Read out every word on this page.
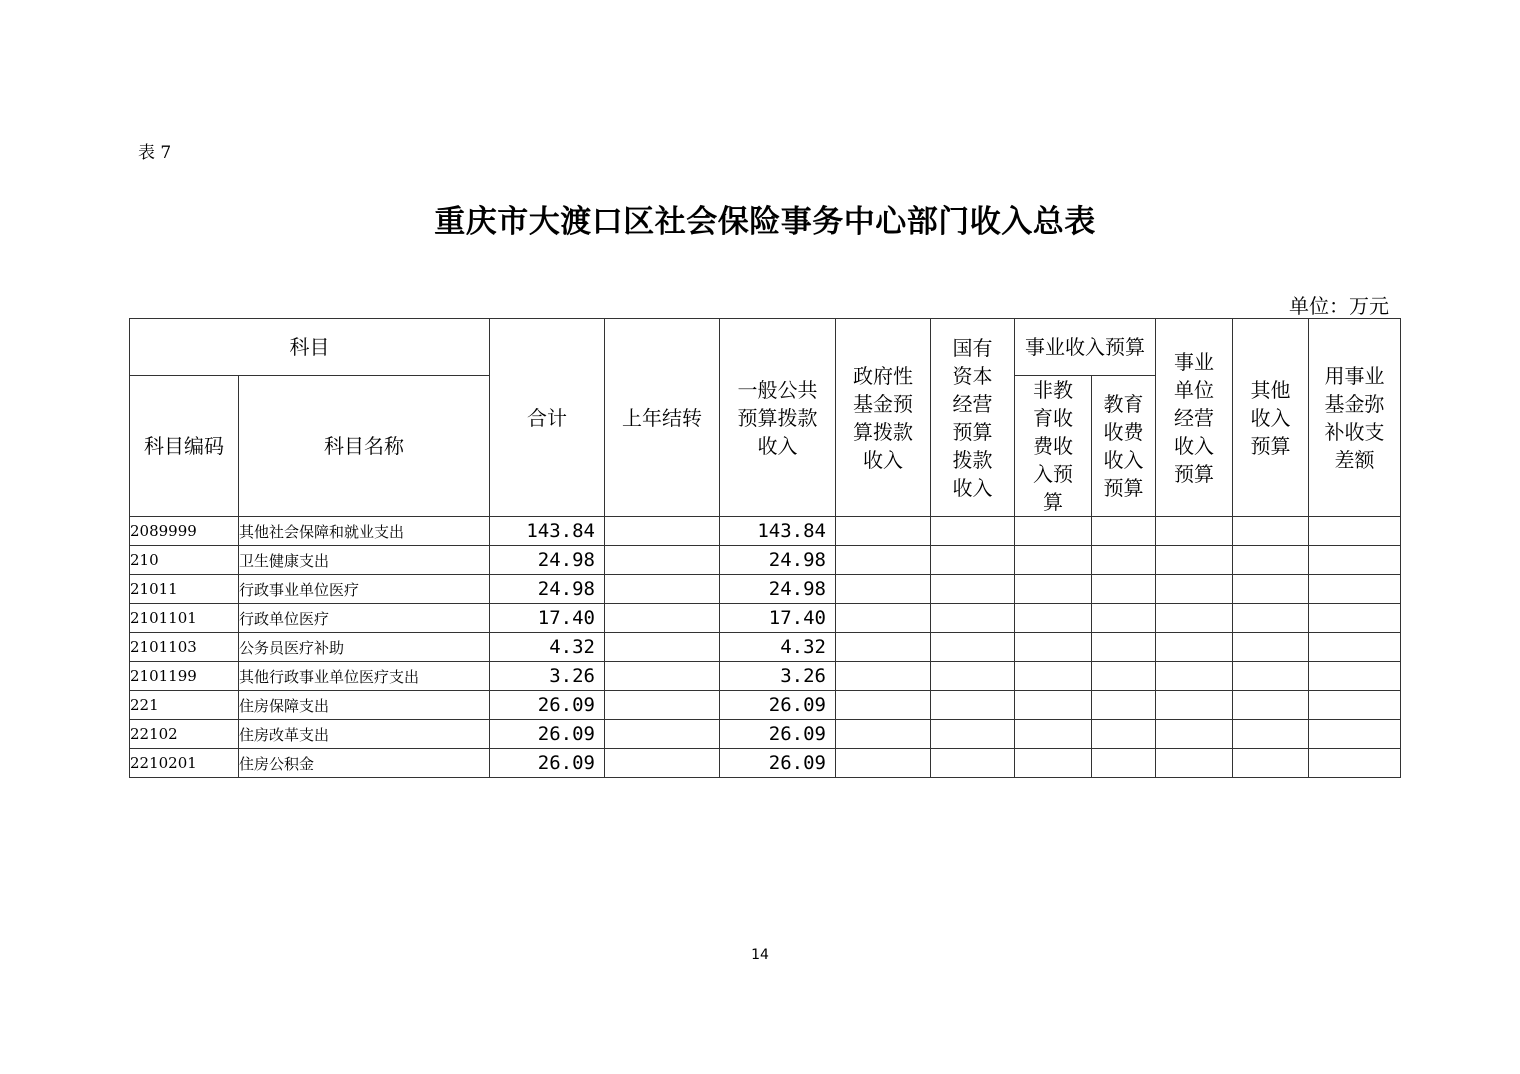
表 7
重庆市大渡口区社会保险事务中心部门收入总表
单位：万元
科目		合计	上年结转	一般公共预算拨款收入	政府性基金预算拨款收入	国有资本经营预算拨款收入	事业收入预算		事业单位经营收入预算	其他收入预算	用事业基金弥补收支差额

科目编码	科目名称						非教育收费收入预算	教育收费收入预算			

2089999	其他社会保障和就业支出	143.84		143.84							
210	卫生健康支出	24.98		24.98							
21011	行政事业单位医疗	24.98		24.98							
2101101	行政单位医疗	17.40		17.40							
2101103	公务员医疗补助	4.32		4.32							
2101199	其他行政事业单位医疗支出	3.26		3.26							
221	住房保障支出	26.09		26.09							
22102	住房改革支出	26.09		26.09							
2210201	住房公积金	26.09		26.09							
14
